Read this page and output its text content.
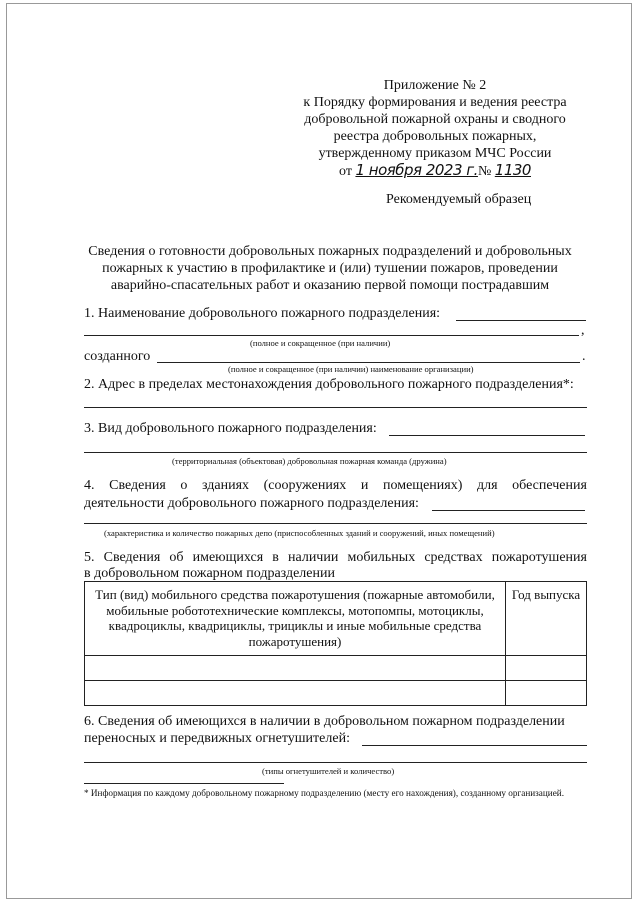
Приложение № 2
к Порядку формирования и ведения реестра
добровольной пожарной охраны и сводного
реестра добровольных пожарных,
утвержденному приказом МЧС России
от 1 ноября 2023 г.№ 1130
Рекомендуемый образец
Сведения о готовности добровольных пожарных подразделений и добровольных
пожарных к участию в профилактике и (или) тушении пожаров, проведении
аварийно-спасательных работ и оказанию первой помощи пострадавшим
1. Наименование добровольного пожарного подразделения:
,
(полное и сокращенное (при наличии)
созданного	.
(полное и сокращенное (при наличии) наименование организации)
2. Адрес в пределах местонахождения добровольного пожарного подразделения*:
3. Вид добровольного пожарного подразделения:
(территориальная (объектовая) добровольная пожарная команда (дружина)
4. Сведения о зданиях (сооружениях и помещениях) для обеспечения
деятельности добровольного пожарного подразделения:
(характеристика и количество пожарных депо (приспособленных зданий и сооружений, иных помещений)
5. Сведения об имеющихся в наличии мобильных средствах пожаротушения
в добровольном пожарном подразделении
Тип (вид) мобильного средства пожаротушения (пожарные автомобили,
мобильные робототехнические комплексы, мотопомпы, мотоциклы,
квадроциклы, квадрициклы, трициклы и иные мобильные средства
пожаротушения)	Год выпуска

6. Сведения об имеющихся в наличии в добровольном пожарном подразделении
переносных и передвижных огнетушителей:
(типы огнетушителей и количество)
* Информация по каждому добровольному пожарному подразделению (месту его нахождения), созданному организацией.
